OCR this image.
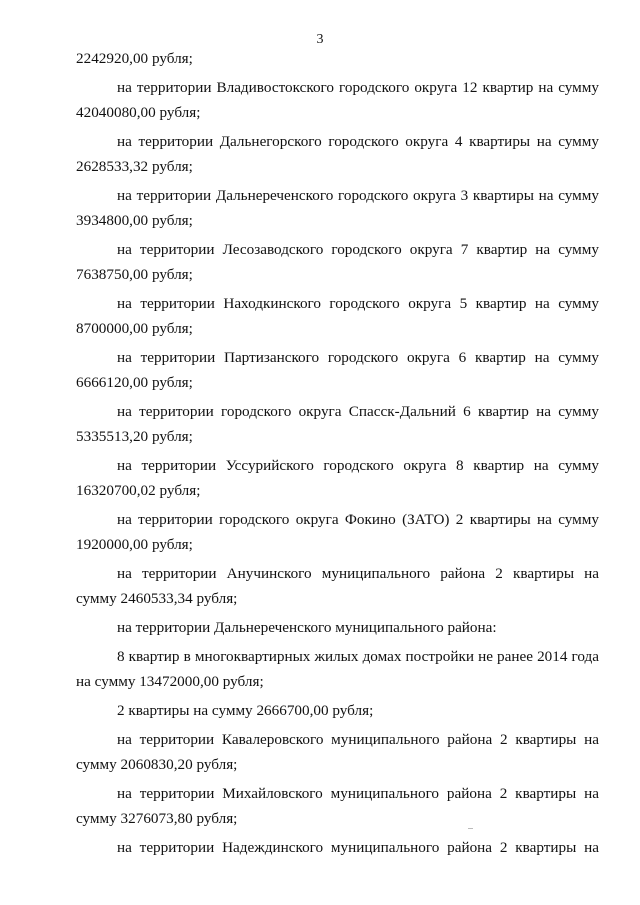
3
2242920,00 рубля;
на территории Владивостокского городского округа 12 квартир на сумму
42040080,00 рубля;
на территории Дальнегорского городского округа 4 квартиры на сумму
2628533,32 рубля;
на территории Дальнереченского городского округа 3 квартиры на сумму
3934800,00 рубля;
на территории Лесозаводского городского округа 7 квартир на сумму
7638750,00 рубля;
на территории Находкинского городского округа 5 квартир на сумму
8700000,00 рубля;
на территории Партизанского городского округа 6 квартир на сумму
6666120,00 рубля;
на территории городского округа Спасск-Дальний 6 квартир на сумму
5335513,20 рубля;
на территории Уссурийского городского округа 8 квартир на сумму
16320700,02 рубля;
на территории городского округа Фокино (ЗАТО) 2 квартиры на сумму
1920000,00 рубля;
на территории Анучинского муниципального района 2 квартиры на
сумму 2460533,34 рубля;
на территории Дальнереченского муниципального района:
8 квартир в многоквартирных жилых домах постройки не ранее 2014 года
на сумму 13472000,00 рубля;
2 квартиры на сумму 2666700,00 рубля;
на территории Кавалеровского муниципального района 2 квартиры на
сумму 2060830,20 рубля;
на территории Михайловского муниципального района 2 квартиры на
сумму 3276073,80 рубля;
на территории Надеждинского муниципального района 2 квартиры на
